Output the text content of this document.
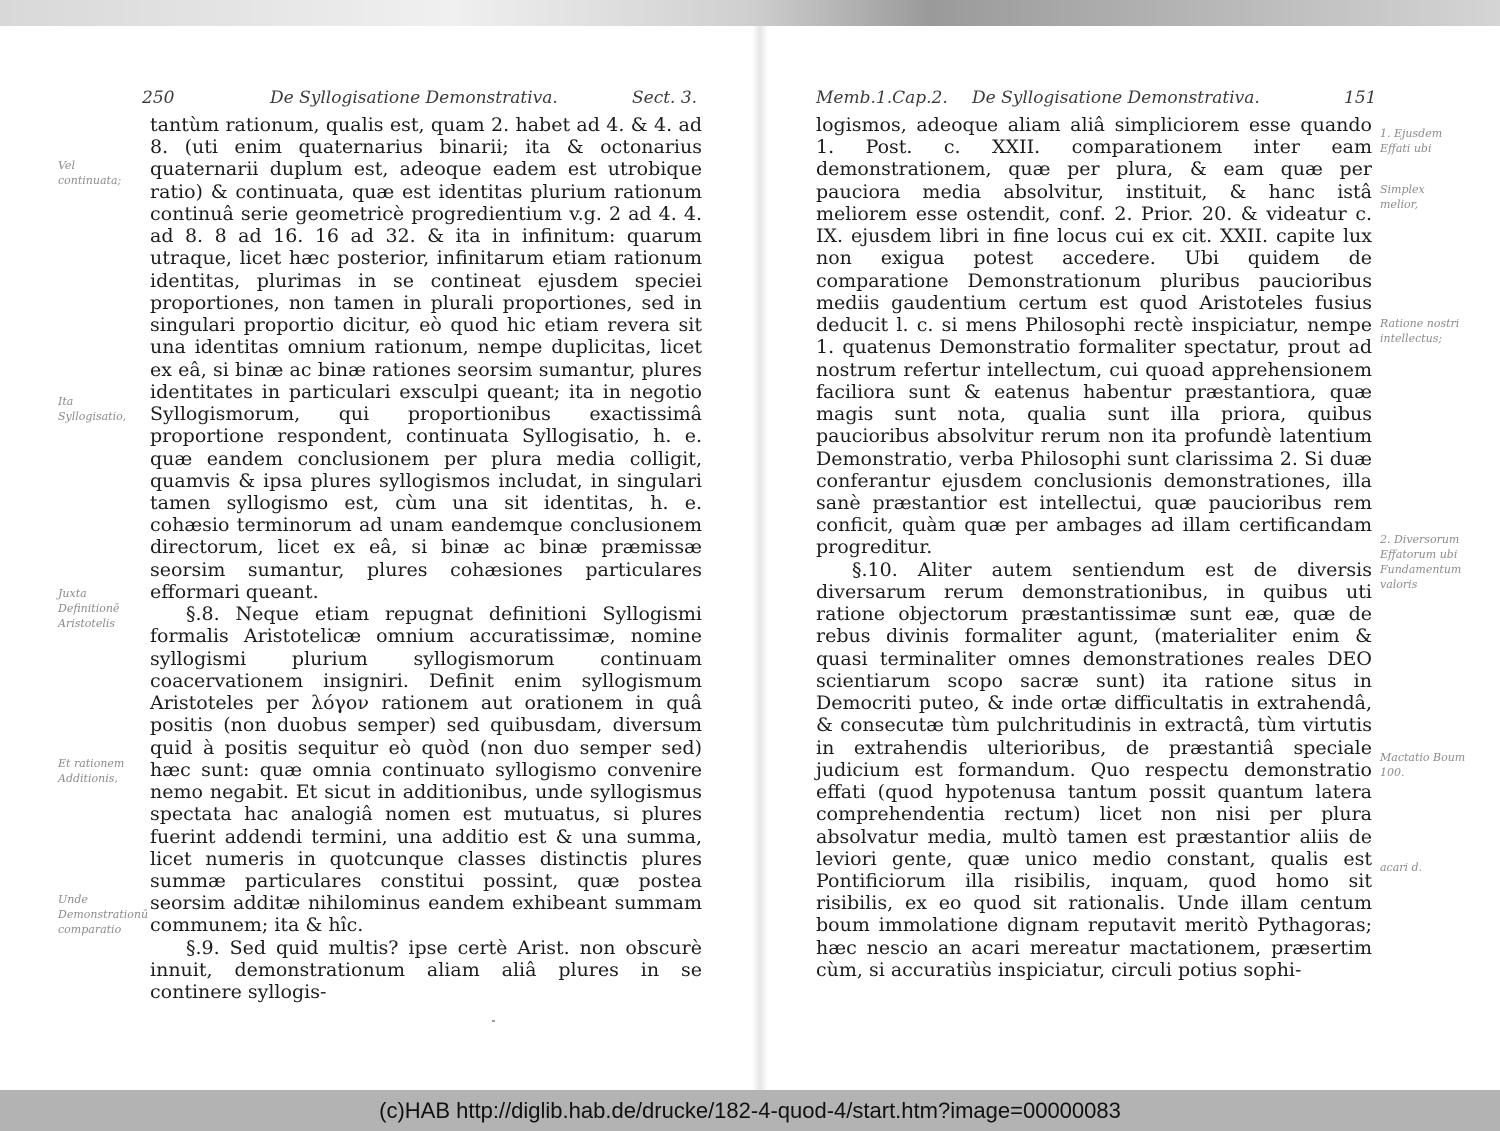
250	De Syllogisatione Demonstrativa.	Sect. 3.

tantùm rationum, qualis est, quam 2. habet ad 4. & 4. ad 8. (uti enim quaternarius binarii; ita & octonarius quaternarii duplum est, adeoque eadem est utrobique ratio) & continuata, quæ est identitas plurium rationum continuâ serie geometricè progredientium v.g. 2 ad 4. 4. ad 8. 8 ad 16. 16 ad 32. & ita in infinitum: quarum utraque, licet hæc posterior, infinitarum etiam rationum identitas, plurimas in se contineat ejusdem speciei proportiones, non tamen in plurali proportiones, sed in singulari proportio dicitur, eò quod hic etiam revera sit una identitas omnium rationum, nempe duplicitas, licet ex eâ, si binæ ac binæ rationes seorsim sumantur, plures identitates in particulari exsculpi queant; ita in negotio Syllogismorum, qui proportionibus exactissimâ proportione respondent, continuata Syllogisatio, h. e. quæ eandem conclusionem per plura media colligit, quamvis & ipsa plures syllogismos includat, in singulari tamen syllogismo est, cùm una sit identitas, h. e. cohæsio terminorum ad unam eandemque conclusionem directorum, licet ex eâ, si binæ ac binæ præmissæ seorsim sumantur, plures cohæsiones particulares efformari queant.

§.8. Neque etiam repugnat definitioni Syllogismi formalis Aristotelicæ omnium accuratissimæ, nomine syllogismi plurium syllogismorum continuam coacervationem insigniri. Definit enim syllogismum Aristoteles per λόγον rationem aut orationem in quâ positis (non duobus semper) sed quibusdam, diversum quid à positis sequitur eò quòd (non duo semper sed) hæc sunt: quæ omnia continuato syllogismo convenire nemo negabit. Et sicut in additionibus, unde syllogismus spectata hac analogiâ nomen est mutuatus, si plures fuerint addendi termini, una additio est & una summa, licet numeris in quotcunque classes distinctis plures summæ particulares constitui possint, quæ postea seorsim additæ nihilominus eandem exhibeant summam communem; ita & hîc.

§.9. Sed quid multis? ipse certè Arist. non obscurè innuit, demonstrationum aliam aliâ plures in se continere syllogis-

Vel continuata;
Ita Syllogisatio,
Juxta Definitionē Aristotelis
Et rationem Additionis,
Unde Demonstrationū comparatio
Memb.1.Cap.2. De Syllogisatione Demonstrativa.	151

logismos, adeoque aliam aliâ simpliciorem esse quando 1. Post. c. XXII. comparationem inter eam demonstrationem, quæ per plura, & eam quæ per pauciora media absolvitur, instituit, & hanc istâ meliorem esse ostendit, conf. 2. Prior. 20. & videatur c. IX. ejusdem libri in fine locus cui ex cit. XXII. capite lux non exigua potest accedere. Ubi quidem de comparatione Demonstrationum pluribus paucioribus mediis gaudentium certum est quod Aristoteles fusius deducit l. c. si mens Philosophi rectè inspiciatur, nempe 1. quatenus Demonstratio formaliter spectatur, prout ad nostrum refertur intellectum, cui quoad apprehensionem faciliora sunt & eatenus habentur præstantiora, quæ magis sunt nota, qualia sunt illa priora, quibus paucioribus absolvitur rerum non ita profundè latentium Demonstratio, verba Philosophi sunt clarissima 2. Si duæ conferantur ejusdem conclusionis demonstrationes, illa sanè præstantior est intellectui, quæ paucioribus rem conficit, quàm quæ per ambages ad illam certificandam progreditur.

§.10. Aliter autem sentiendum est de diversis diversarum rerum demonstrationibus, in quibus uti ratione objectorum præstantissimæ sunt eæ, quæ de rebus divinis formaliter agunt, (materialiter enim & quasi terminaliter omnes demonstrationes reales DEO scientiarum scopo sacræ sunt) ita ratione situs in Democriti puteo, & inde ortæ difficultatis in extrahendâ, & consecutæ tùm pulchritudinis in extractâ, tùm virtutis in extrahendis ulterioribus, de præstantiâ speciale judicium est formandum. Quo respectu demonstratio effati (quod hypotenusa tantum possit quantum latera comprehendentia rectum) licet non nisi per plura absolvatur media, multò tamen est præstantior aliis de leviori gente, quæ unico medio constant, qualis est Pontificiorum illa risibilis, inquam, quod homo sit risibilis, ex eo quod sit rationalis. Unde illam centum boum immolatione dignam reputavit meritò Pythagoras; hæc nescio an acari mereatur mactationem, præsertim cùm, si accuratiùs inspiciatur, circuli potius sophi-

1. Ejusdem Effati ubi
Simplex melior,
Ratione nostri intellectus;
2. Diversorum Effatorum ubi Fundamentum valoris
Mactatio Boum 100.
acari d.
(c)HAB http://diglib.hab.de/drucke/182-4-quod-4/start.htm?image=00000083
